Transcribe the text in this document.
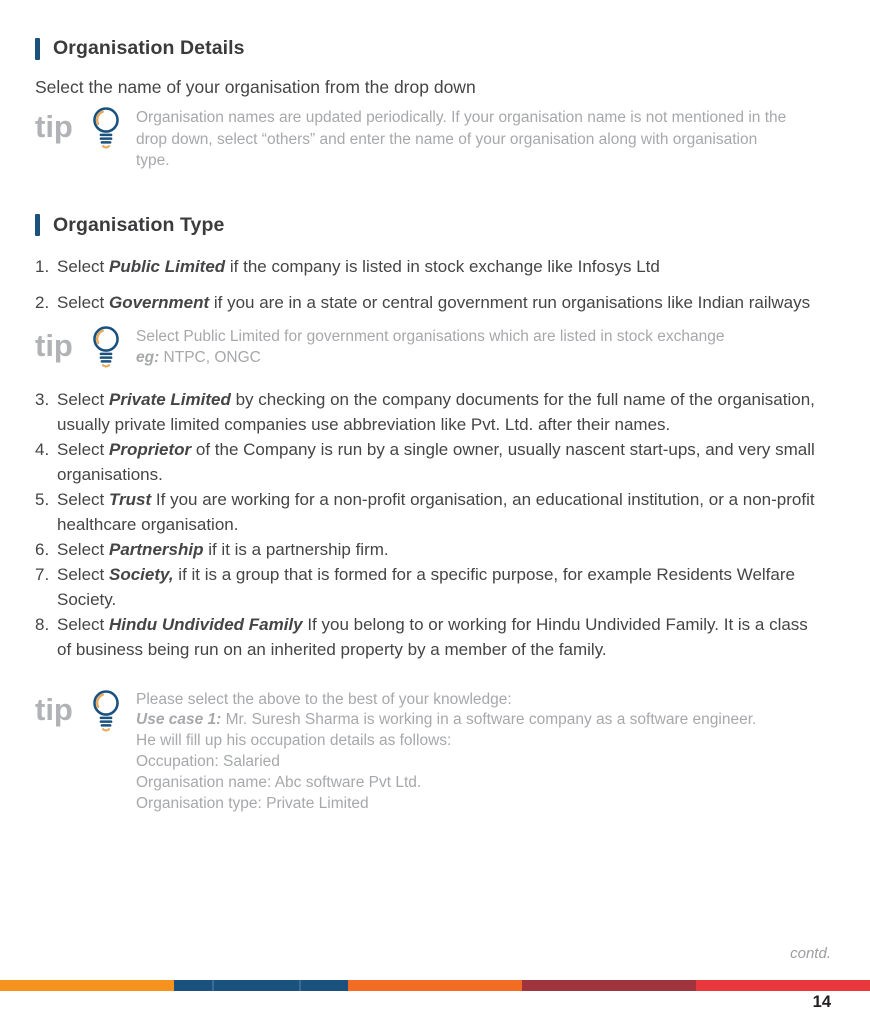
Organisation Details

Select the name of your organisation from the drop down

tip	Organisation names are updated periodically. If your organisation name is not mentioned in the drop down, select “others” and enter the name of your organisation along with organisation type.
Organisation Type
1. Select Public Limited if the company is listed in stock exchange like Infosys Ltd
2. Select Government if you are in a state or central government run organisations like Indian railways
tip	Select Public Limited for government organisations which are listed in stock exchange
eg: NTPC, ONGC
3. Select Private Limited by checking on the company documents for the full name of the organisation, usually private limited companies use abbreviation like Pvt. Ltd. after their names.
4. Select Proprietor of the Company is run by a single owner, usually nascent start-ups, and very small organisations.
5. Select Trust If you are working for a non-profit organisation, an educational institution, or a non-profit healthcare organisation.
6. Select Partnership if it is a partnership firm.
7. Select Society, if it is a group that is formed for a specific purpose, for example Residents Welfare Society.
8. Select Hindu Undivided Family If you belong to or working for Hindu Undivided Family. It is a class of business being run on an inherited property by a member of the family.
tip	Please select the above to the best of your knowledge:
Use case 1: Mr. Suresh Sharma is working in a software company as a software engineer.
He will fill up his occupation details as follows:
Occupation: Salaried
Organisation name: Abc software Pvt Ltd.
Organisation type: Private Limited
contd.
14
